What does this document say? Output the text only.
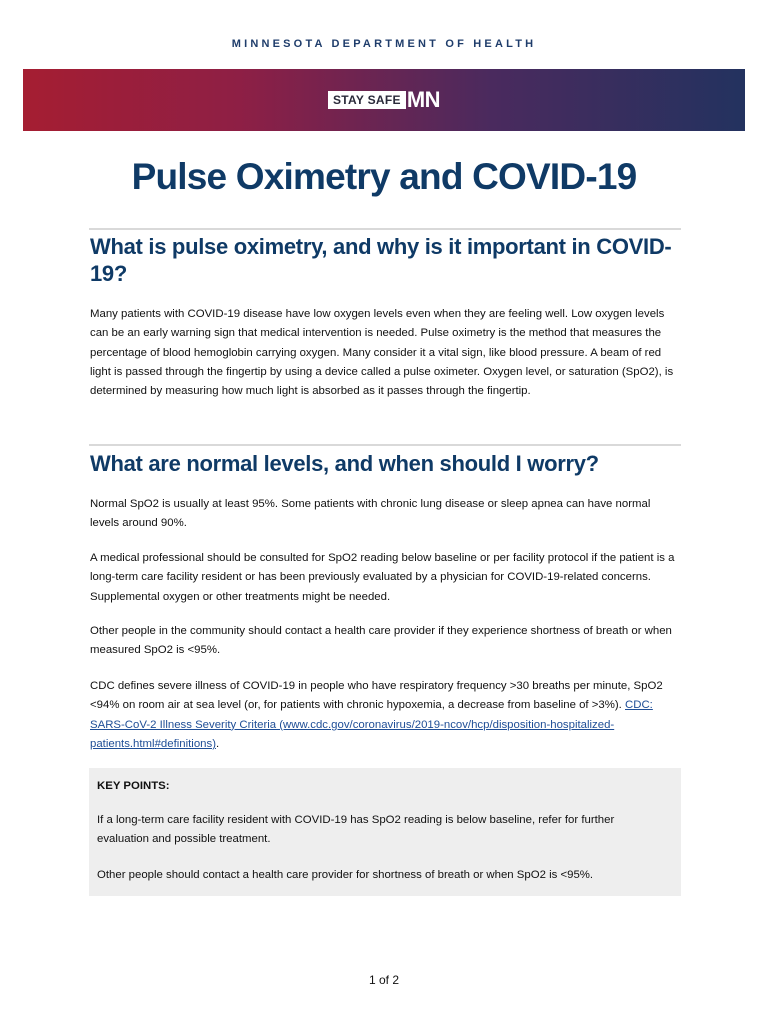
MINNESOTA DEPARTMENT OF HEALTH
STAY SAFE MN
Pulse Oximetry and COVID-19
What is pulse oximetry, and why is it important in COVID-19?

Many patients with COVID-19 disease have low oxygen levels even when they are feeling well. Low oxygen levels can be an early warning sign that medical intervention is needed. Pulse oximetry is the method that measures the percentage of blood hemoglobin carrying oxygen. Many consider it a vital sign, like blood pressure. A beam of red light is passed through the fingertip by using a device called a pulse oximeter. Oxygen level, or saturation (SpO2), is determined by measuring how much light is absorbed as it passes through the fingertip.

What are normal levels, and when should I worry?

Normal SpO2 is usually at least 95%. Some patients with chronic lung disease or sleep apnea can have normal levels around 90%.

A medical professional should be consulted for SpO2 reading below baseline or per facility protocol if the patient is a long-term care facility resident or has been previously evaluated by a physician for COVID-19-related concerns. Supplemental oxygen or other treatments might be needed.

Other people in the community should contact a health care provider if they experience shortness of breath or when measured SpO2 is <95%.

CDC defines severe illness of COVID-19 in people who have respiratory frequency >30 breaths per minute, SpO2 <94% on room air at sea level (or, for patients with chronic hypoxemia, a decrease from baseline of >3%). CDC: SARS-CoV-2 Illness Severity Criteria (www.cdc.gov/coronavirus/2019-ncov/hcp/disposition-hospitalized-patients.html#definitions).

KEY POINTS:

If a long-term care facility resident with COVID-19 has SpO2 reading is below baseline, refer for further evaluation and possible treatment.

Other people should contact a health care provider for shortness of breath or when SpO2 is <95%.

1 of 2
